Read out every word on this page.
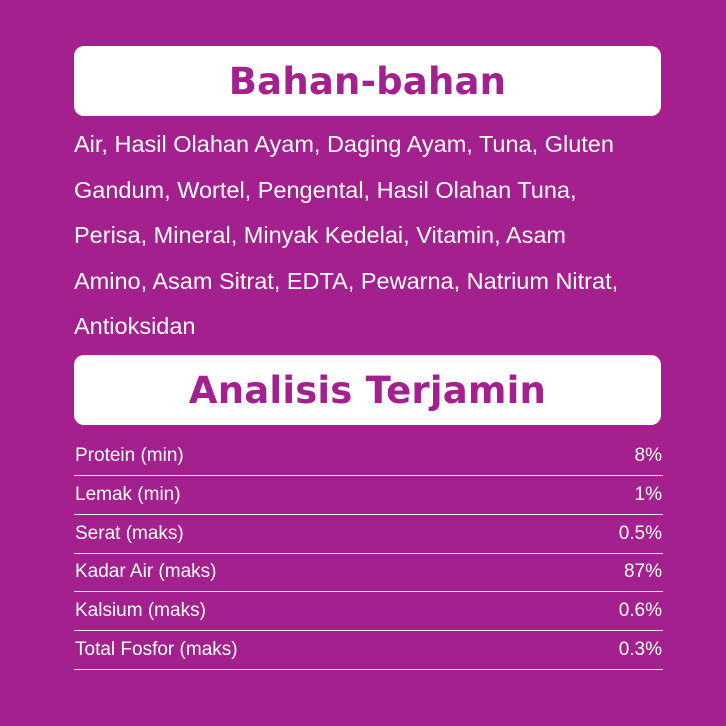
Bahan-bahan

Air, Hasil Olahan Ayam, Daging Ayam, Tuna, Gluten
Gandum, Wortel, Pengental, Hasil Olahan Tuna,
Perisa, Mineral, Minyak Kedelai, Vitamin, Asam
Amino, Asam Sitrat, EDTA, Pewarna, Natrium Nitrat,
Antioksidan

Analisis Terjamin
Protein (min)	8%
Lemak (min)	1%
Serat (maks)	0.5%
Kadar Air (maks)	87%
Kalsium (maks)	0.6%
Total Fosfor (maks)	0.3%
